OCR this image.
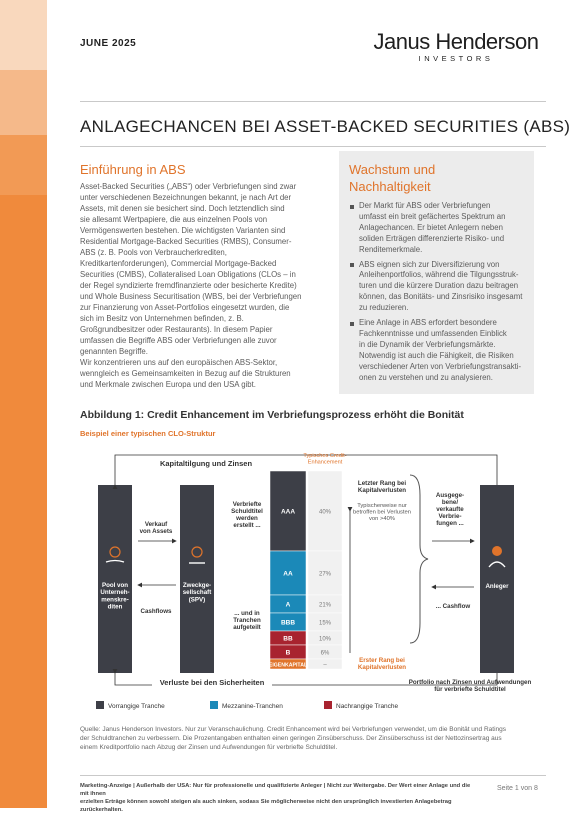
JUNE 2025	Janus Henderson
INVESTORS
ANLAGECHANCEN BEI ASSET-BACKED SECURITIES (ABS)
Einführung in ABS
Asset-Backed Securities („ABS“) oder Verbriefungen sind zwar
unter verschiedenen Bezeichnungen bekannt, je nach Art der
Assets, mit denen sie besichert sind. Doch letztendlich sind
sie allesamt Wertpapiere, die aus einzelnen Pools von
Vermögenswerten bestehen. Die wichtigsten Varianten sind
Residential Mortgage-Backed Securities (RMBS), Consumer-
ABS (z. B. Pools von Verbraucherkrediten,
Kreditkartenforderungen), Commercial Mortgage-Backed
Securities (CMBS), Collateralised Loan Obligations (CLOs – in
der Regel syndizierte fremdfinanzierte oder besicherte Kredite)
und Whole Business Securitisation (WBS, bei der Verbriefungen
zur Finanzierung von Asset-Portfolios eingesetzt wurden, die
sich im Besitz von Unternehmen befinden, z. B.
Großgrundbesitzer oder Restaurants). In diesem Papier
umfassen die Begriffe ABS oder Verbriefungen alle zuvor
genannten Begriffe.
Wir konzentrieren uns auf den europäischen ABS-Sektor,
wenngleich es Gemeinsamkeiten in Bezug auf die Strukturen
und Merkmale zwischen Europa und den USA gibt.
Wachstum und
Nachhaltigkeit
Der Markt für ABS oder Verbriefungen
umfasst ein breit gefächertes Spektrum an
Anlagechancen. Er bietet Anlegern neben
soliden Erträgen differenzierte Risiko- und
Renditemerkmale.
ABS eignen sich zur Diversifizierung von
Anleihenportfolios, während die Tilgungsstruk-
turen und die kürzere Duration dazu beitragen
können, das Bonitäts- und Zinsrisiko insgesamt
zu reduzieren.
Eine Anlage in ABS erfordert besondere
Fachkenntnisse und umfassenden Einblick
in die Dynamik der Verbriefungsmärkte.
Notwendig ist auch die Fähigkeit, die Risiken
verschiedener Arten von Verbriefungstransakti-
onen zu verstehen und zu analysieren.
Abbildung 1: Credit Enhancement im Verbriefungsprozess erhöht die Bonität
Beispiel einer typischen CLO-Struktur
Pool von
Unterneh-
menskre-
diten
Zweckge-
sellschaft
(SPV)
Anleger
Kapitaltilgung und Zinsen
Verluste bei den Sicherheiten
Verkauf
von Assets
Cashflows
Verbriefte
Schuldtitel
werden
erstellt ...
... und in
Tranchen
aufgeteilt
Typisches Credit-
Enhancement
AAA	40%
AA	27%
A	21%
BBB	15%
BB	10%
B	6%
EIGENKAPITAL	–
Letzter Rang bei
Kapitalverlusten
Typischerweise nur
betroffen bei Verlusten
von >40%
Erster Rang bei
Kapitalverlusten
Ausgege-
bene/
verkaufte
Verbrie-
fungen ...
... Cashflow
Portfolio nach Zinsen und Aufwendungen
für verbriefte Schuldtitel
Vorrangige Tranche	Mezzanine-Tranchen	Nachrangige Tranche
Quelle: Janus Henderson Investors. Nur zur Veranschaulichung. Credit Enhancement wird bei Verbriefungen verwendet, um die Bonität und Ratings
der Schuldtranchen zu verbessern. Die Prozentangaben enthalten einen geringen Zinsüberschuss. Der Zinsüberschuss ist der Nettozinsertrag aus
einem Kreditportfolio nach Abzug der Zinsen und Aufwendungen für verbriefte Schuldtitel.
Marketing-Anzeige | Außerhalb der USA: Nur für professionelle und qualifizierte Anleger | Nicht zur Weitergabe. Der Wert einer Anlage und die mit ihnen
erzielten Erträge können sowohl steigen als auch sinken, sodass Sie möglicherweise nicht den ursprünglich investierten Anlagebetrag zurückerhalten.
Seite 1 von 8
